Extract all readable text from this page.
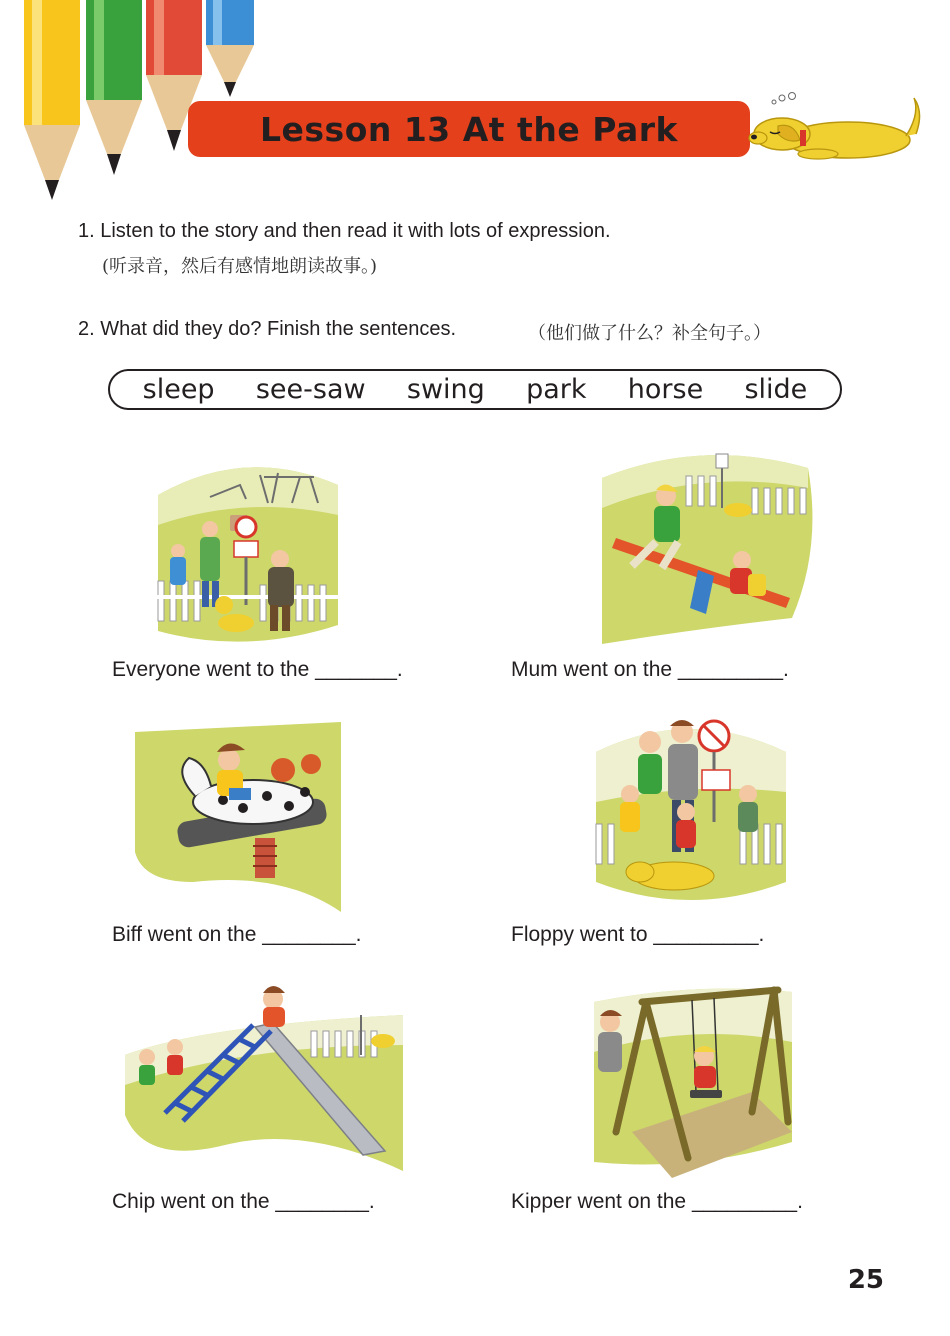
Lesson 13 At the Park
1. Listen to the story and then read it with lots of expression.
(听录音，然后有感情地朗读故事。)
2. What did they do? Finish the sentences.	（他们做了什么？补全句子。）
sleep see-saw swing park horse slide
Everyone went to the _______.	Mum went on the _________.
Biff went on the ________.	Floppy went to _________.
Chip went on the ________.	Kipper went on the _________.
25
